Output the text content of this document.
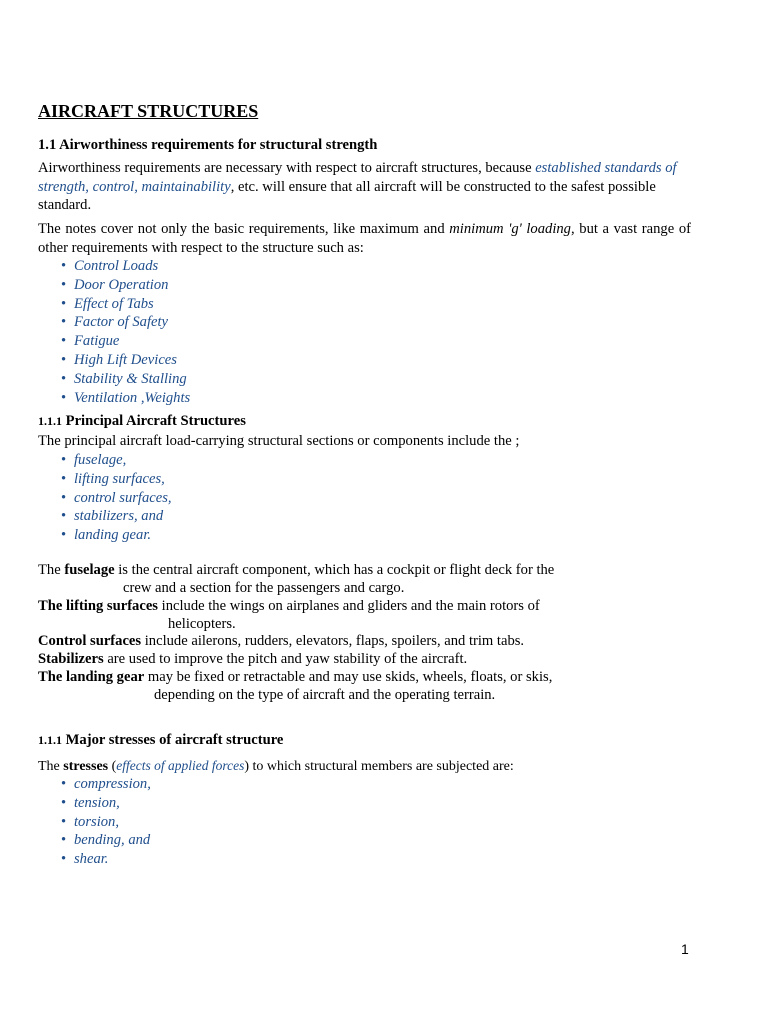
AIRCRAFT STRUCTURES
1.1 Airworthiness requirements for structural strength

Airworthiness requirements are necessary with respect to aircraft structures, because established standards of strength, control, maintainability, etc. will ensure that all aircraft will be constructed to the safest possible standard.

The notes cover not only the basic requirements, like maximum and minimum 'g' loading, but a vast range of other requirements with respect to the structure such as:

• Control Loads
• Door Operation
• Effect of Tabs
• Factor of Safety
• Fatigue
• High Lift Devices
• Stability & Stalling
• Ventilation ,Weights
1.1.1 Principal Aircraft Structures
The principal aircraft load-carrying structural sections or components include the ;
• fuselage,
• lifting surfaces,
• control surfaces,
• stabilizers, and
• landing gear.
The fuselage is the central aircraft component, which has a cockpit or flight deck for the
crew and a section for the passengers and cargo.
The lifting surfaces include the wings on airplanes and gliders and the main rotors of
helicopters.
Control surfaces include ailerons, rudders, elevators, flaps, spoilers, and trim tabs.
Stabilizers are used to improve the pitch and yaw stability of the aircraft.
The landing gear may be fixed or retractable and may use skids, wheels, floats, or skis,
depending on the type of aircraft and the operating terrain.
1.1.1 Major stresses of aircraft structure
The stresses (effects of applied forces) to which structural members are subjected are:
• compression,
• tension,
• torsion,
• bending, and
• shear.
1
